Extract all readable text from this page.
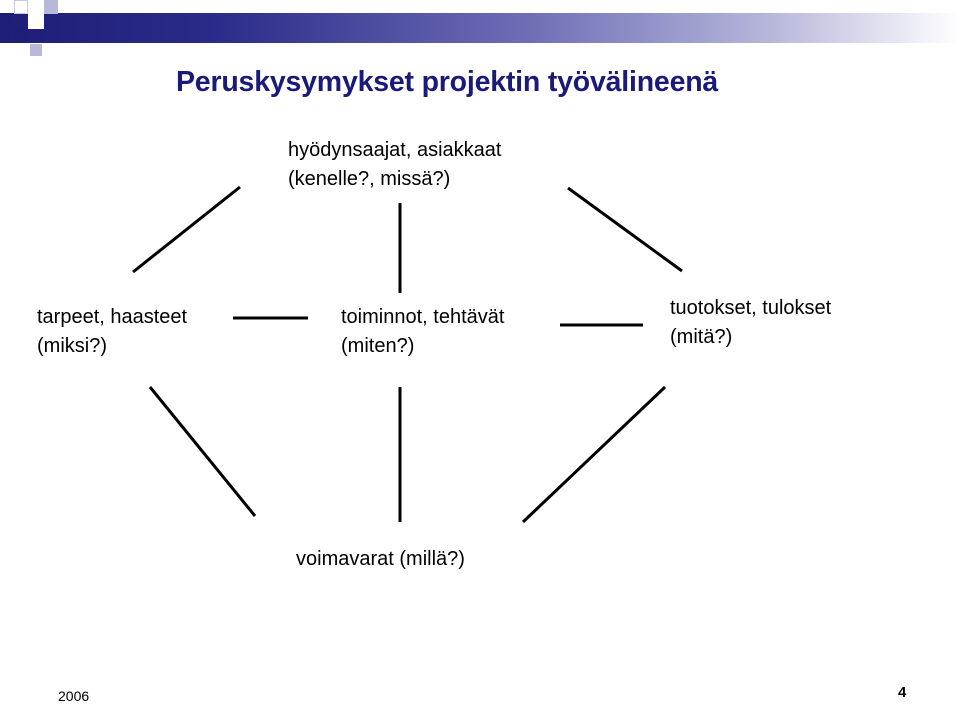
Peruskysymykset projektin työvälineenä
hyödynsaajat, asiakkaat
(kenelle?, missä?)
tarpeet, haasteet
(miksi?)
toiminnot, tehtävät
(miten?)
tuotokset, tulokset
(mitä?)
voimavarat (millä?)
2006	4
